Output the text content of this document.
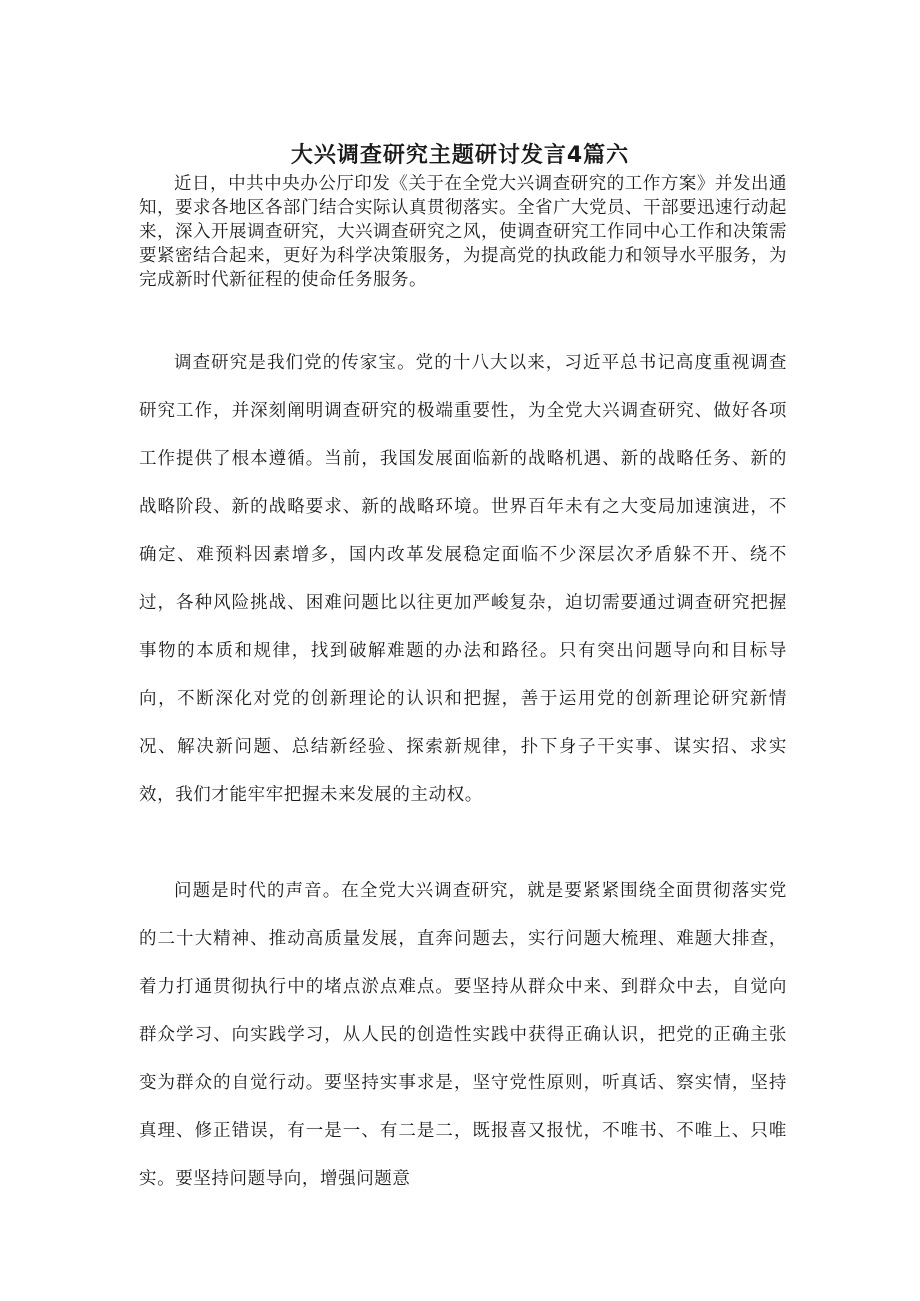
大兴调查研究主题研讨发言4篇六

近日，中共中央办公厅印发《关于在全党大兴调查研究的工作方案》并发出通知，要求各地区各部门结合实际认真贯彻落实。全省广大党员、干部要迅速行动起来，深入开展调查研究，大兴调查研究之风，使调查研究工作同中心工作和决策需要紧密结合起来，更好为科学决策服务，为提高党的执政能力和领导水平服务，为完成新时代新征程的使命任务服务。

调查研究是我们党的传家宝。党的十八大以来，习近平总书记高度重视调查研究工作，并深刻阐明调查研究的极端重要性，为全党大兴调查研究、做好各项工作提供了根本遵循。当前，我国发展面临新的战略机遇、新的战略任务、新的战略阶段、新的战略要求、新的战略环境。世界百年未有之大变局加速演进，不确定、难预料因素增多，国内改革发展稳定面临不少深层次矛盾躲不开、绕不过，各种风险挑战、困难问题比以往更加严峻复杂，迫切需要通过调查研究把握事物的本质和规律，找到破解难题的办法和路径。只有突出问题导向和目标导向，不断深化对党的创新理论的认识和把握，善于运用党的创新理论研究新情况、解决新问题、总结新经验、探索新规律，扑下身子干实事、谋实招、求实效，我们才能牢牢把握未来发展的主动权。

问题是时代的声音。在全党大兴调查研究，就是要紧紧围绕全面贯彻落实党的二十大精神、推动高质量发展，直奔问题去，实行问题大梳理、难题大排查，着力打通贯彻执行中的堵点淤点难点。要坚持从群众中来、到群众中去，自觉向群众学习、向实践学习，从人民的创造性实践中获得正确认识，把党的正确主张变为群众的自觉行动。要坚持实事求是，坚守党性原则，听真话、察实情，坚持真理、修正错误，有一是一、有二是二，既报喜又报忧，不唯书、不唯上、只唯实。要坚持问题导向，增强问题意
